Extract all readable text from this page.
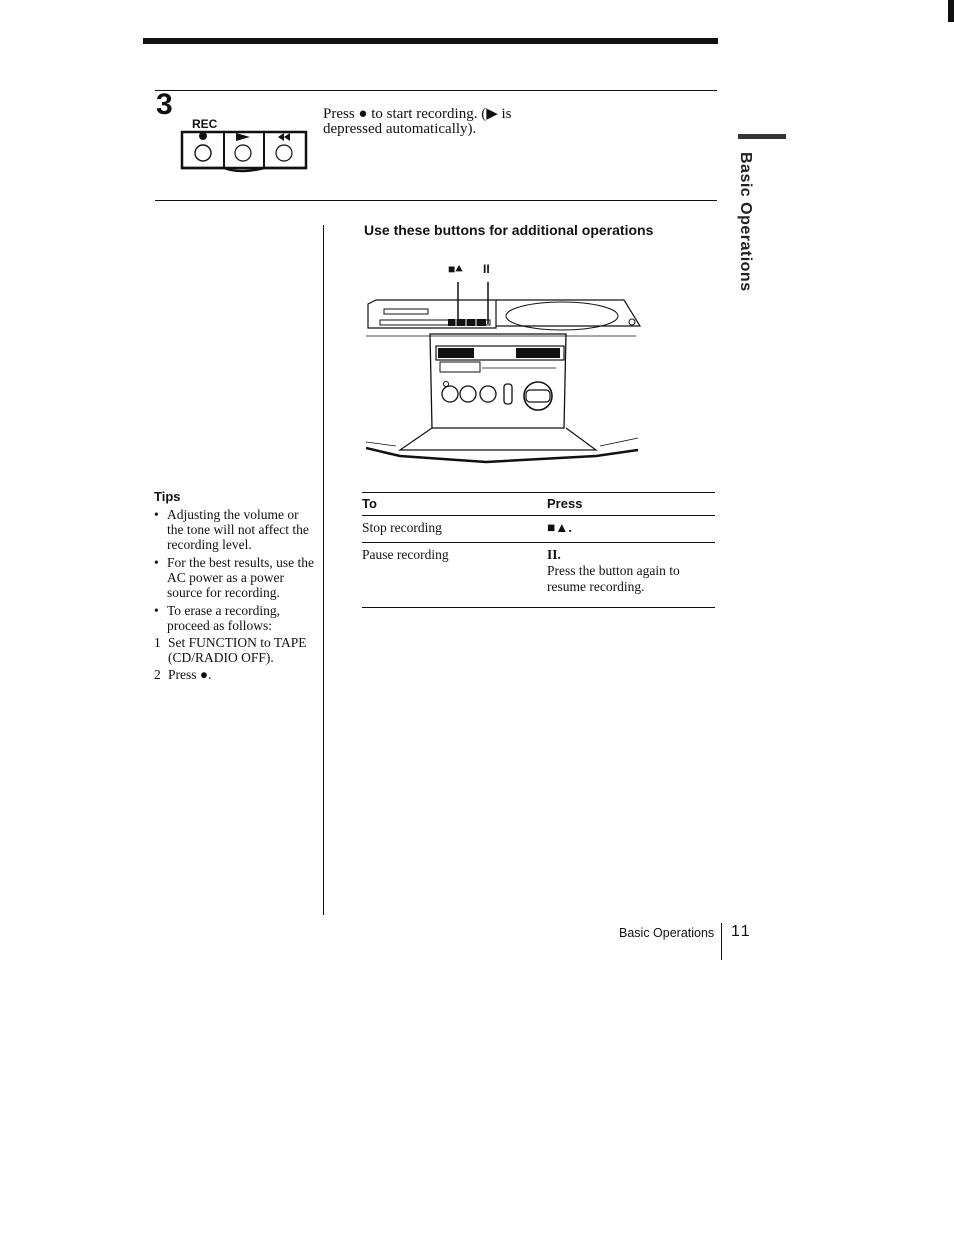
3
REC
Press ● to start recording. (▶ is
depressed automatically).
Basic Operations
Use these buttons for additional operations
■⯅ II
Tips
• Adjusting the volume or the tone will not affect the recording level.
• For the best results, use the AC power as a power source for recording.
• To erase a recording, proceed as follows:
1 Set FUNCTION to TAPE (CD/RADIO OFF).
2 Press ●.
To	Press
Stop recording	■▲.
Pause recording	II.
Press the button again to resume recording.
Basic Operations 11
